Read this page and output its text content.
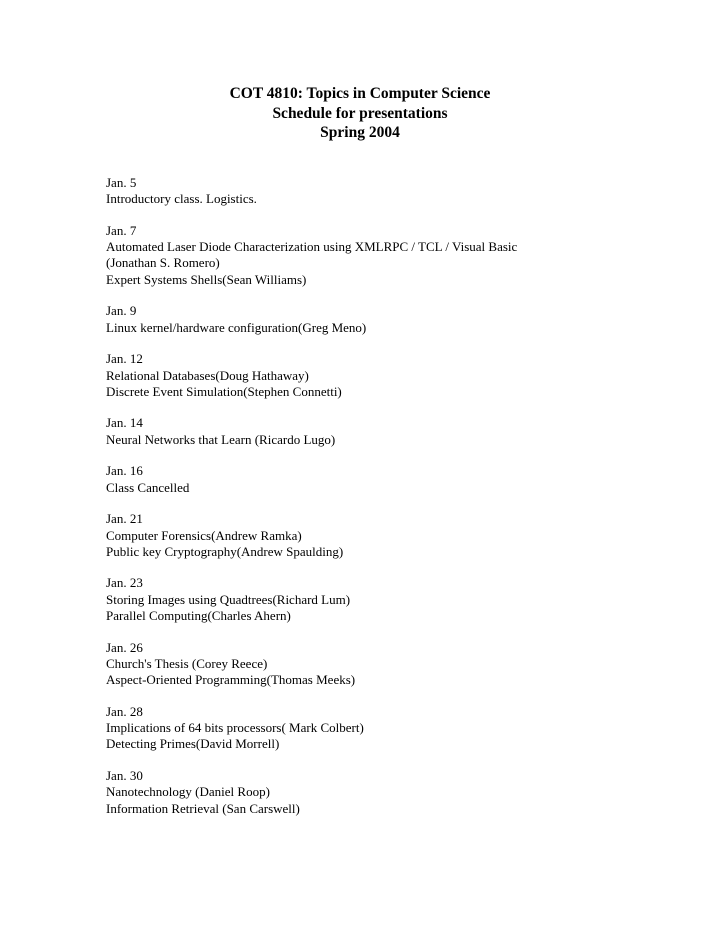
COT 4810: Topics in Computer Science
Schedule for presentations
Spring 2004
Jan. 5
Introductory class. Logistics.
Jan. 7
Automated Laser Diode Characterization using XMLRPC / TCL / Visual Basic
(Jonathan S. Romero)
Expert Systems Shells(Sean Williams)
Jan. 9
Linux kernel/hardware configuration(Greg Meno)
Jan. 12
Relational Databases(Doug Hathaway)
Discrete Event Simulation(Stephen Connetti)
Jan. 14
Neural Networks that Learn (Ricardo Lugo)
Jan. 16
Class Cancelled
Jan. 21
Computer Forensics(Andrew Ramka)
Public key Cryptography(Andrew Spaulding)
Jan. 23
Storing Images using Quadtrees(Richard Lum)
Parallel Computing(Charles Ahern)
Jan. 26
Church's Thesis (Corey Reece)
Aspect-Oriented Programming(Thomas Meeks)
Jan. 28
Implications of 64 bits processors( Mark Colbert)
Detecting Primes(David Morrell)
Jan. 30
Nanotechnology (Daniel Roop)
Information Retrieval (San Carswell)
